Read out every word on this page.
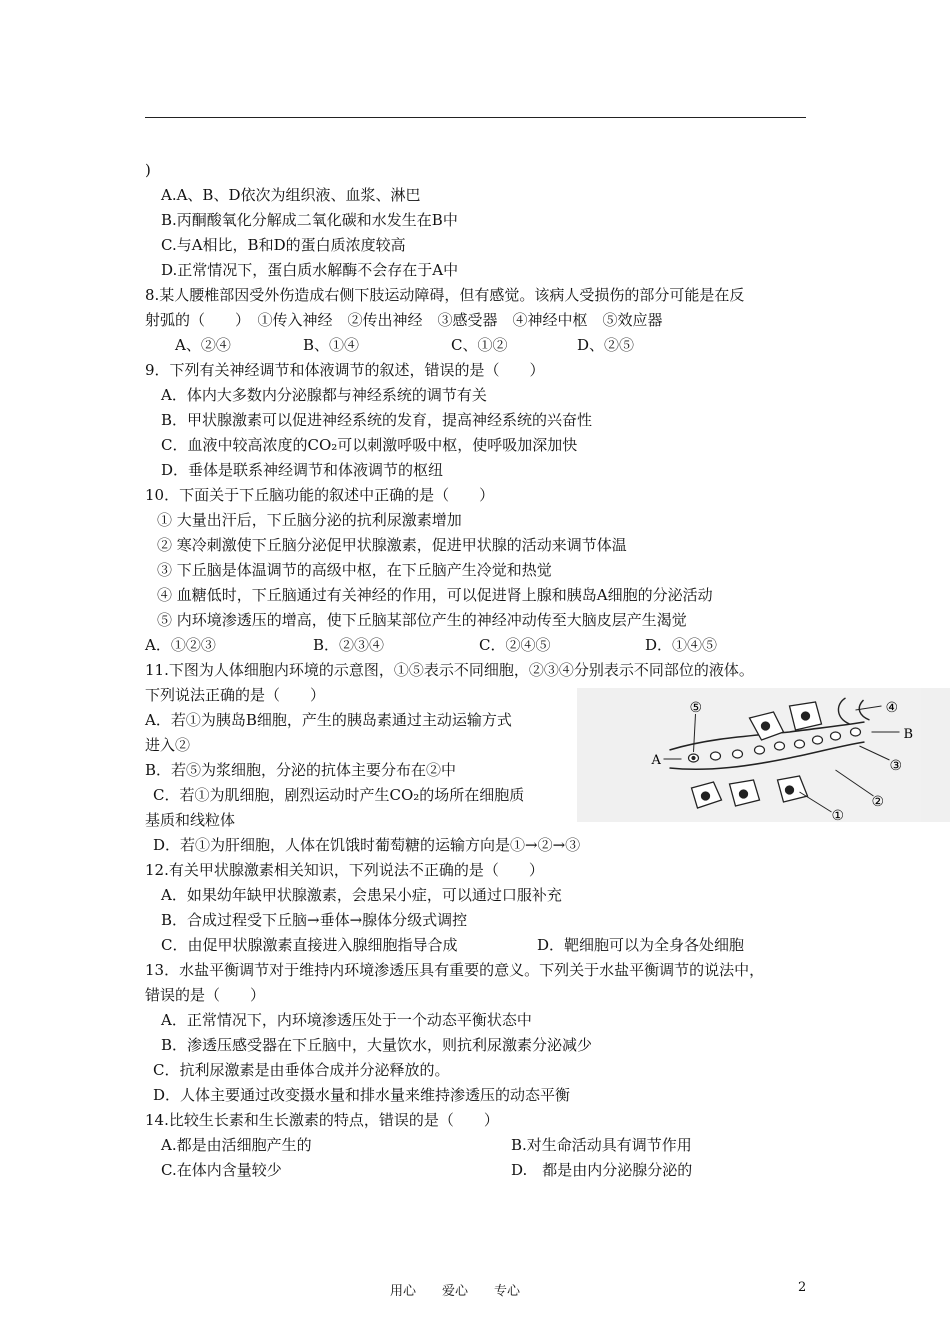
)
A.A、B、D依次为组织液、血浆、淋巴
B.丙酮酸氧化分解成二氧化碳和水发生在B中
C.与A相比，B和D的蛋白质浓度较高
D.正常情况下，蛋白质水解酶不会存在于A中
8.某人腰椎部因受外伤造成右侧下肢运动障碍，但有感觉。该病人受损伤的部分可能是在反
射弧的（　　）　①传入神经　②传出神经　③感受器　④神经中枢　⑤效应器
A、②④	B、①④	C、①②	D、②⑤
9．下列有关神经调节和体液调节的叙述，错误的是（　　）
A．体内大多数内分泌腺都与神经系统的调节有关
B．甲状腺激素可以促进神经系统的发育，提高神经系统的兴奋性
C．血液中较高浓度的CO₂可以刺激呼吸中枢，使呼吸加深加快
D．垂体是联系神经调节和体液调节的枢纽
10．下面关于下丘脑功能的叙述中正确的是（　　）
① 大量出汗后，下丘脑分泌的抗利尿激素增加
② 寒冷刺激使下丘脑分泌促甲状腺激素，促进甲状腺的活动来调节体温
③ 下丘脑是体温调节的高级中枢，在下丘脑产生冷觉和热觉
④ 血糖低时，下丘脑通过有关神经的作用，可以促进肾上腺和胰岛A细胞的分泌活动
⑤ 内环境渗透压的增高，使下丘脑某部位产生的神经冲动传至大脑皮层产生渴觉
A．①②③	B．②③④	C．②④⑤	D．①④⑤
11.下图为人体细胞内环境的示意图，①⑤表示不同细胞，②③④分别表示不同部位的液体。
下列说法正确的是（　　）
A．若①为胰岛B细胞，产生的胰岛素通过主动运输方式
进入②
B．若⑤为浆细胞，分泌的抗体主要分布在②中
C．若①为肌细胞，剧烈运动时产生CO₂的场所在细胞质
基质和线粒体
D．若①为肝细胞，人体在饥饿时葡萄糖的运输方向是①→②→③
12.有关甲状腺激素相关知识，下列说法不正确的是（　　）
A．如果幼年缺甲状腺激素，会患呆小症，可以通过口服补充
B．合成过程受下丘脑→垂体→腺体分级式调控
C．由促甲状腺激素直接进入腺细胞指导合成	D．靶细胞可以为全身各处细胞
13．水盐平衡调节对于维持内环境渗透压具有重要的意义。下列关于水盐平衡调节的说法中，
错误的是（　　）
A．正常情况下，内环境渗透压处于一个动态平衡状态中
B．渗透压感受器在下丘脑中，大量饮水，则抗利尿激素分泌减少
C．抗利尿激素是由垂体合成并分泌释放的。
D．人体主要通过改变摄水量和排水量来维持渗透压的动态平衡
14.比较生长素和生长激素的特点，错误的是（　　）
A.都是由活细胞产生的	B.对生命活动具有调节作用
C.在体内含量较少	D.　都是由内分泌腺分泌的
⑤	④
A
B
③
②
①
用心　　爱心　　专心	2
